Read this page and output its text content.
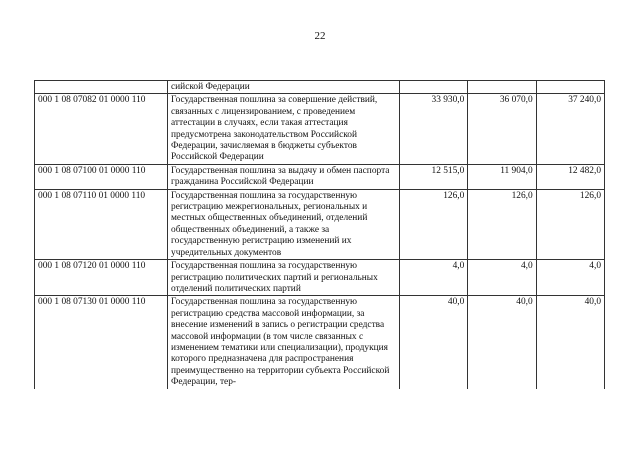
22
	сийской Федерации			
000 1 08 07082 01 0000 110	Государственная пошлина за совершение действий, связанных с лицензированием, с проведением аттестации в случаях, если такая аттестация предусмотрена законодательством Российской Федерации, зачисляемая в бюджеты субъектов Российской Федерации	33 930,0	36 070,0	37 240,0
000 1 08 07100 01 0000 110	Государственная пошлина за выдачу и обмен паспорта гражданина Российской Федерации	12 515,0	11 904,0	12 482,0
000 1 08 07110 01 0000 110	Государственная пошлина за государственную регистрацию межрегиональных, региональных и местных общественных объединений, отделений общественных объединений, а также за государственную регистрацию изменений их учредительных документов	126,0	126,0	126,0
000 1 08 07120 01 0000 110	Государственная пошлина за государственную регистрацию политических партий и региональных отделений политических партий	4,0	4,0	4,0
000 1 08 07130 01 0000 110	Государственная пошлина за государственную регистрацию средства массовой информации, за внесение изменений в запись о регистрации средства массовой информации (в том числе связанных с изменением тематики или специализации), продукция которого предназначена для распространения преимущественно на территории субъекта Российской Федерации, тер-	40,0	40,0	40,0
